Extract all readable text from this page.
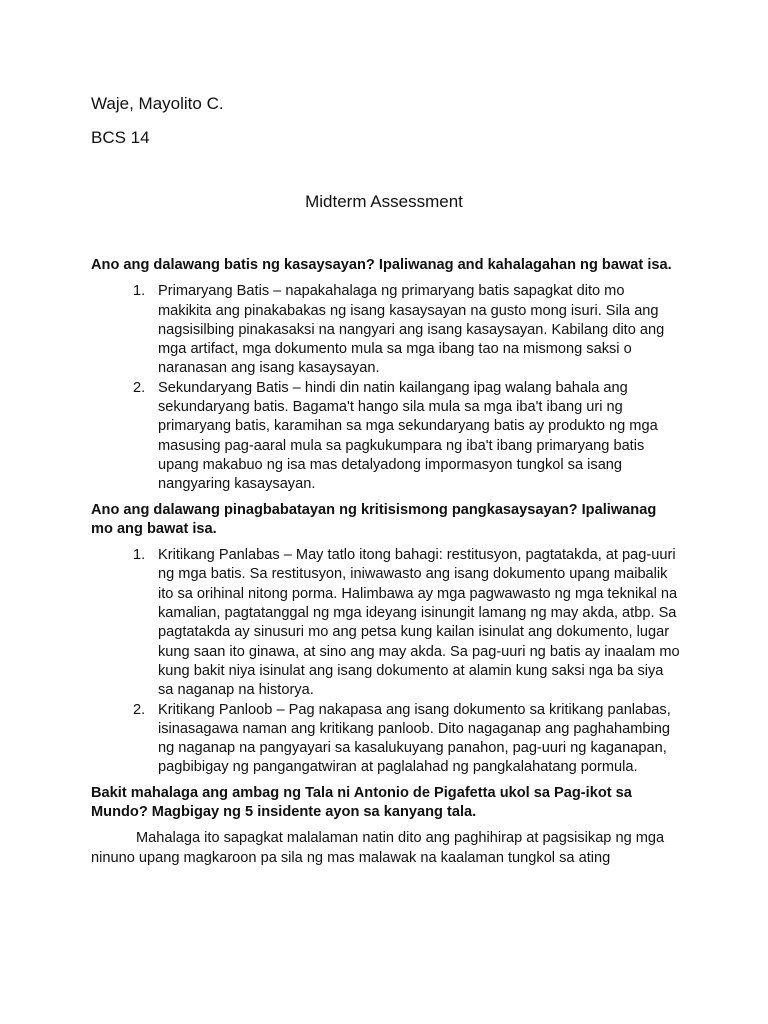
Waje, Mayolito C.

BCS 14

Midterm Assessment

Ano ang dalawang batis ng kasaysayan? Ipaliwanag and kahalagahan ng bawat isa.

1. Primaryang Batis – napakahalaga ng primaryang batis sapagkat dito mo makikita ang pinakabakas ng isang kasaysayan na gusto mong isuri. Sila ang nagsisilbing pinakasaksi na nangyari ang isang kasaysayan. Kabilang dito ang mga artifact, mga dokumento mula sa mga ibang tao na mismong saksi o naranasan ang isang kasaysayan.
2. Sekundaryang Batis – hindi din natin kailangang ipag walang bahala ang sekundaryang batis. Bagama't hango sila mula sa mga iba't ibang uri ng primaryang batis, karamihan sa mga sekundaryang batis ay produkto ng mga masusing pag-aaral mula sa pagkukumpara ng iba't ibang primaryang batis upang makabuo ng isa mas detalyadong impormasyon tungkol sa isang nangyaring kasaysayan.

Ano ang dalawang pinagbabatayan ng kritisismong pangkasaysayan? Ipaliwanag mo ang bawat isa.

1. Kritikang Panlabas – May tatlo itong bahagi: restitusyon, pagtatakda, at pag-uuri ng mga batis. Sa restitusyon, iniwawasto ang isang dokumento upang maibalik ito sa orihinal nitong porma. Halimbawa ay mga pagwawasto ng mga teknikal na kamalian, pagtatanggal ng mga ideyang isinungit lamang ng may akda, atbp. Sa pagtatakda ay sinusuri mo ang petsa kung kailan isinulat ang dokumento, lugar kung saan ito ginawa, at sino ang may akda. Sa pag-uuri ng batis ay inaalam mo kung bakit niya isinulat ang isang dokumento at alamin kung saksi nga ba siya sa naganap na historya.
2. Kritikang Panloob – Pag nakapasa ang isang dokumento sa kritikang panlabas, isinasagawa naman ang kritikang panloob. Dito nagaganap ang paghahambing ng naganap na pangyayari sa kasalukuyang panahon, pag-uuri ng kaganapan, pagbibigay ng pangangatwiran at paglalahad ng pangkalahatang pormula.

Bakit mahalaga ang ambag ng Tala ni Antonio de Pigafetta ukol sa Pag-ikot sa Mundo? Magbigay ng 5 insidente ayon sa kanyang tala.

Mahalaga ito sapagkat malalaman natin dito ang paghihirap at pagsisikap ng mga ninuno upang magkaroon pa sila ng mas malawak na kaalaman tungkol sa ating
